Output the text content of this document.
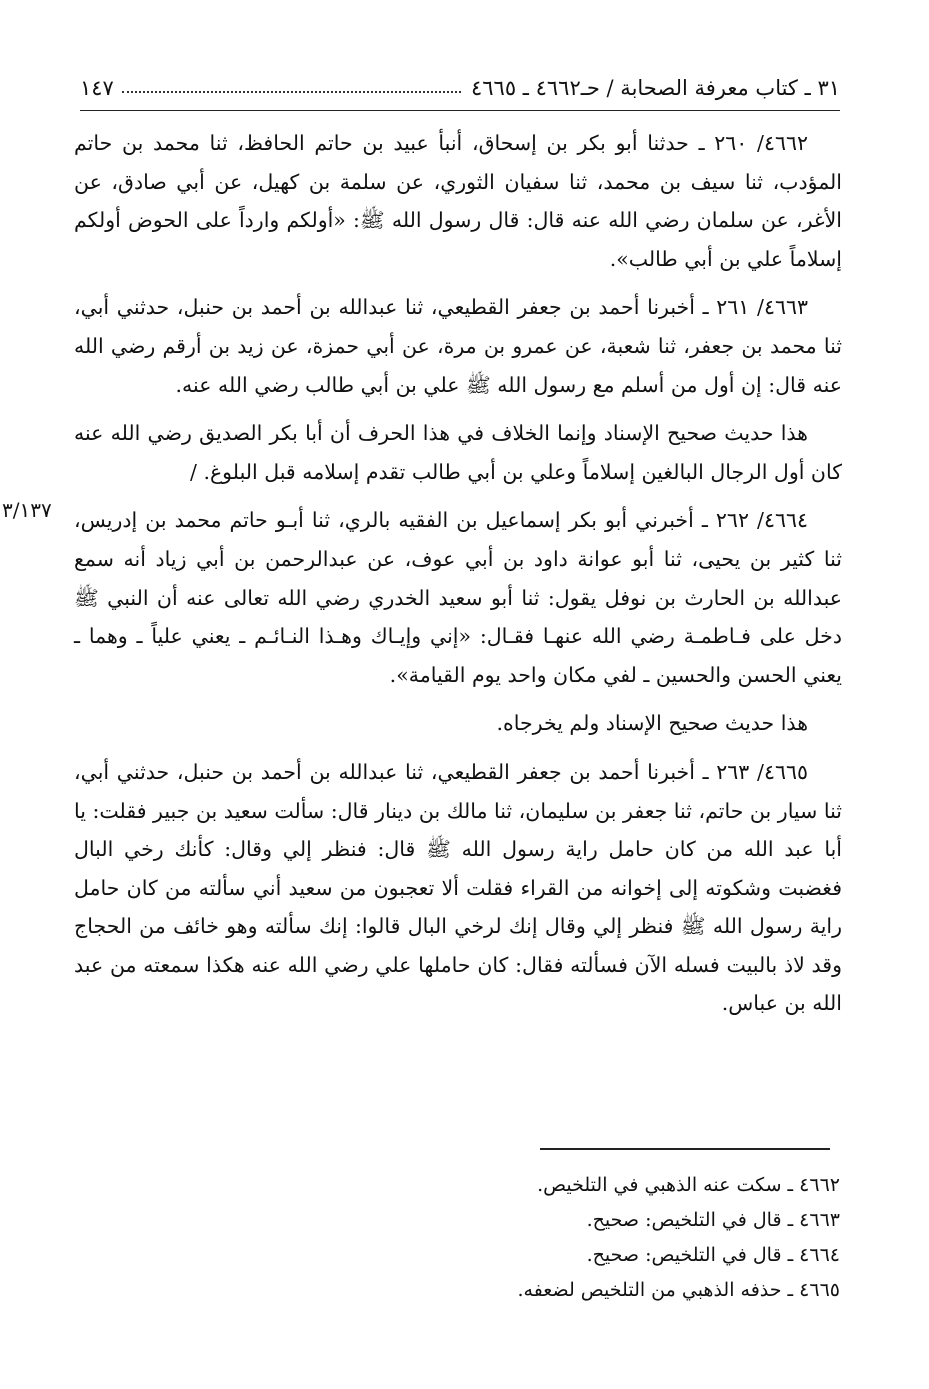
٣١ ـ كتاب معرفة الصحابة / حـ٤٦٦٢ ـ ٤٦٦٥
١٤٧

٤٦٦٢/ ٢٦٠ ـ حدثنا أبو بكر بن إسحاق، أنبأ عبيد بن حاتم الحافظ، ثنا محمد بن حاتم المؤدب، ثنا سيف بن محمد، ثنا سفيان الثوري، عن سلمة بن كهيل، عن أبي صادق، عن الأغر، عن سلمان رضي الله عنه قال: قال رسول الله ﷺ: «أولكم وارداً على الحوض أولكم إسلاماً علي بن أبي طالب».

٤٦٦٣/ ٢٦١ ـ أخبرنا أحمد بن جعفر القطيعي، ثنا عبدالله بن أحمد بن حنبل، حدثني أبي، ثنا محمد بن جعفر، ثنا شعبة، عن عمرو بن مرة، عن أبي حمزة، عن زيد بن أرقم رضي الله عنه قال: إن أول من أسلم مع رسول الله ﷺ علي بن أبي طالب رضي الله عنه.

هذا حديث صحيح الإسناد وإنما الخلاف في هذا الحرف أن أبا بكر الصديق رضي الله عنه كان أول الرجال البالغين إسلاماً وعلي بن أبي طالب تقدم إسلامه قبل البلوغ. /

٤٦٦٤/ ٢٦٢ ـ أخبرني أبو بكر إسماعيل بن الفقيه بالري، ثنا أبـو حاتم محمد بن إدريس، ثنا كثير بن يحيى، ثنا أبو عوانة داود بن أبي عوف، عن عبدالرحمن بن أبي زياد أنه سمع عبدالله بن الحارث بن نوفل يقول: ثنا أبو سعيد الخدري رضي الله تعالى عنه أن النبي ﷺ دخل على فـاطمـة رضي الله عنهـا فقـال: «إني وإيـاك وهـذا النـائـم ـ يعني علياً ـ وهما ـ يعني الحسن والحسين ـ لفي مكان واحد يوم القيامة».

هذا حديث صحيح الإسناد ولم يخرجاه.

٤٦٦٥/ ٢٦٣ ـ أخبرنا أحمد بن جعفر القطيعي، ثنا عبدالله بن أحمد بن حنبل، حدثني أبي، ثنا سيار بن حاتم، ثنا جعفر بن سليمان، ثنا مالك بن دينار قال: سألت سعيد بن جبير فقلت: يا أبا عبد الله من كان حامل راية رسول الله ﷺ قال: فنظر إلي وقال: كأنك رخي البال فغضبت وشكوته إلى إخوانه من القراء فقلت ألا تعجبون من سعيد أني سألته من كان حامل راية رسول الله ﷺ فنظر إلي وقال إنك لرخي البال قالوا: إنك سألته وهو خائف من الحجاج وقد لاذ بالبيت فسله الآن فسألته فقال: كان حاملها علي رضي الله عنه هكذا سمعته من عبد الله بن عباس.

٣/١٣٧

٤٦٦٢ ـ سكت عنه الذهبي في التلخيص.

٤٦٦٣ ـ قال في التلخيص: صحيح.

٤٦٦٤ ـ قال في التلخيص: صحيح.

٤٦٦٥ ـ حذفه الذهبي من التلخيص لضعفه.
